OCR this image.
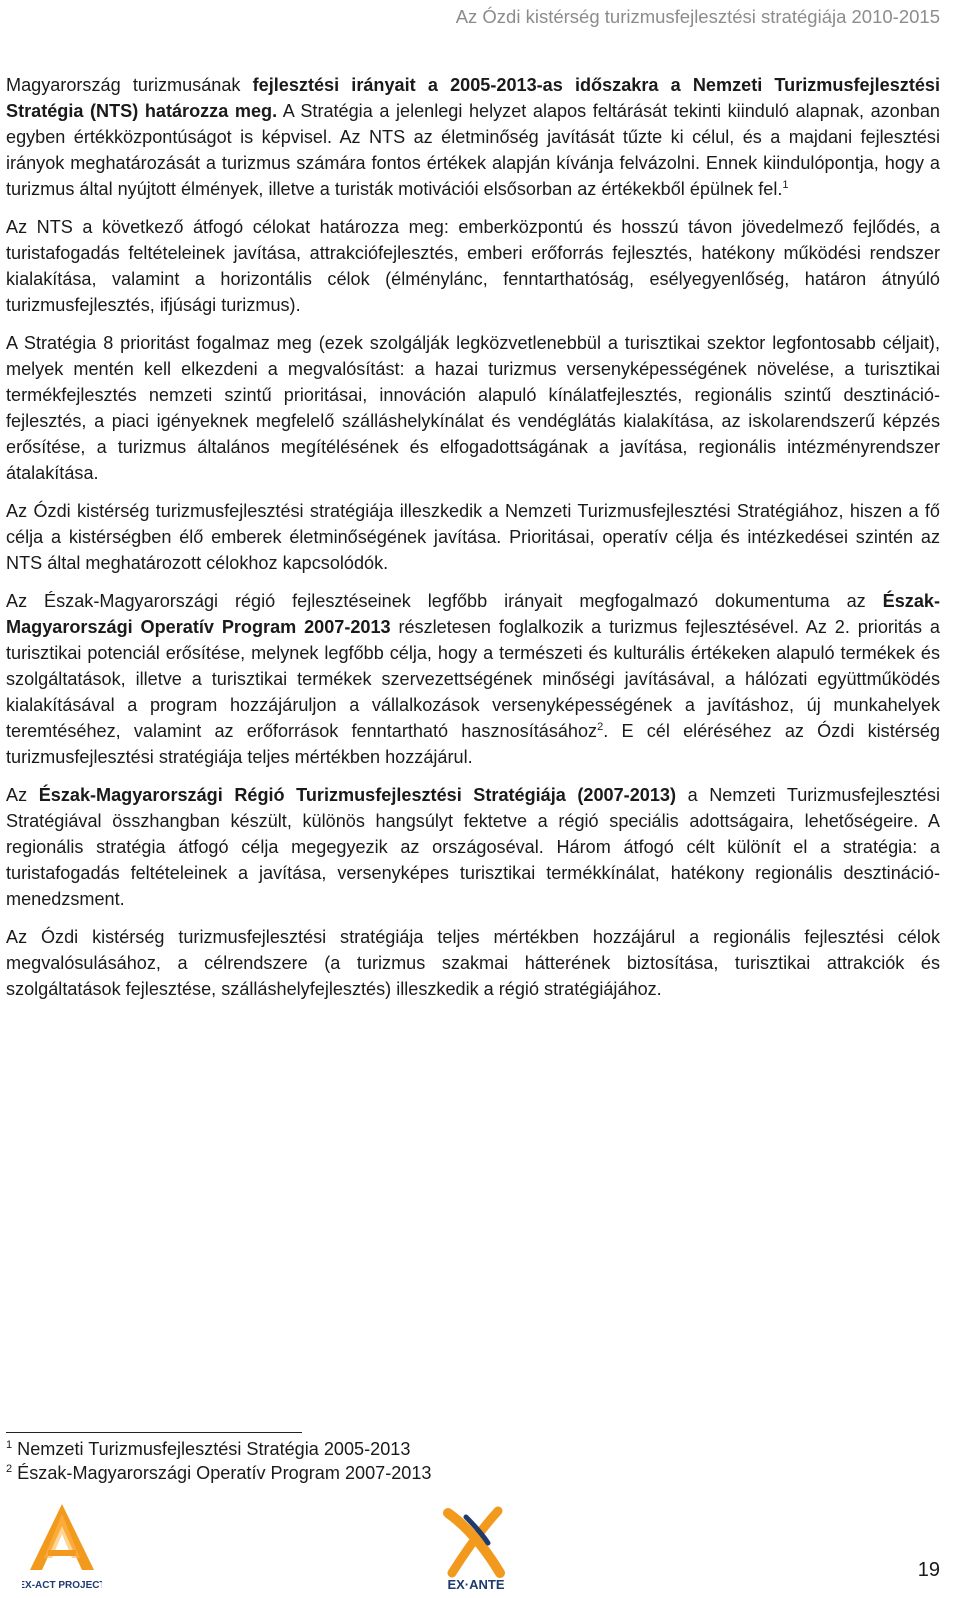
Az Ózdi kistérség turizmusfejlesztési stratégiája 2010-2015

Magyarország turizmusának fejlesztési irányait a 2005-2013-as időszakra a Nemzeti Turizmusfejlesztési Stratégia (NTS) határozza meg. A Stratégia a jelenlegi helyzet alapos feltárását tekinti kiinduló alapnak, azonban egyben értékközpontúságot is képvisel. Az NTS az életminőség javítását tűzte ki célul, és a majdani fejlesztési irányok meghatározását a turizmus számára fontos értékek alapján kívánja felvázolni. Ennek kiindulópontja, hogy a turizmus által nyújtott élmények, illetve a turisták motivációi elsősorban az értékekből épülnek fel.$^1$

Az NTS a következő átfogó célokat határozza meg: emberközpontú és hosszú távon jövedelmező fejlődés, a turistafogadás feltételeinek javítása, attrakciófejlesztés, emberi erőforrás fejlesztés, hatékony működési rendszer kialakítása, valamint a horizontális célok (élménylánc, fenntarthatóság, esélyegyenlőség, határon átnyúló turizmusfejlesztés, ifjúsági turizmus).

A Stratégia 8 prioritást fogalmaz meg (ezek szolgálják legközvetlenebbül a turisztikai szektor legfontosabb céljait), melyek mentén kell elkezdeni a megvalósítást: a hazai turizmus versenyképességének növelése, a turisztikai termékfejlesztés nemzeti szintű prioritásai, innováción alapuló kínálatfejlesztés, regionális szintű desztináció-fejlesztés, a piaci igényeknek megfelelő szálláshelykínálat és vendéglátás kialakítása, az iskolarendszerű képzés erősítése, a turizmus általános megítélésének és elfogadottságának a javítása, regionális intézményrendszer átalakítása.

Az Ózdi kistérség turizmusfejlesztési stratégiája illeszkedik a Nemzeti Turizmusfejlesztési Stratégiához, hiszen a fő célja a kistérségben élő emberek életminőségének javítása. Prioritásai, operatív célja és intézkedései szintén az NTS által meghatározott célokhoz kapcsolódók.

Az Észak-Magyarországi régió fejlesztéseinek legfőbb irányait megfogalmazó dokumentuma az Észak-Magyarországi Operatív Program 2007-2013 részletesen foglalkozik a turizmus fejlesztésével. Az 2. prioritás a turisztikai potenciál erősítése, melynek legfőbb célja, hogy a természeti és kulturális értékeken alapuló termékek és szolgáltatások, illetve a turisztikai termékek szervezettségének minőségi javításával, a hálózati együttműködés kialakításával a program hozzájáruljon a vállalkozások versenyképességének a javításhoz, új munkahelyek teremtéséhez, valamint az erőforrások fenntartható hasznosításához$^2$. E cél eléréséhez az Ózdi kistérség turizmusfejlesztési stratégiája teljes mértékben hozzájárul.

Az Észak-Magyarországi Régió Turizmusfejlesztési Stratégiája (2007-2013) a Nemzeti Turizmusfejlesztési Stratégiával összhangban készült, különös hangsúlyt fektetve a régió speciális adottságaira, lehetőségeire. A regionális stratégia átfogó célja megegyezik az országoséval. Három átfogó célt különít el a stratégia: a turistafogadás feltételeinek a javítása, versenyképes turisztikai termékkínálat, hatékony regionális desztináció-menedzsment.

Az Ózdi kistérség turizmusfejlesztési stratégiája teljes mértékben hozzájárul a regionális fejlesztési célok megvalósulásához, a célrendszere (a turizmus szakmai hátterének biztosítása, turisztikai attrakciók és szolgáltatások fejlesztése, szálláshelyfejlesztés) illeszkedik a régió stratégiájához.

$^1$ Nemzeti Turizmusfejlesztési Stratégia 2005-2013
$^2$ Észak-Magyarországi Operatív Program 2007-2013
EX-ACT PROJECT	EX·ANTE
19
